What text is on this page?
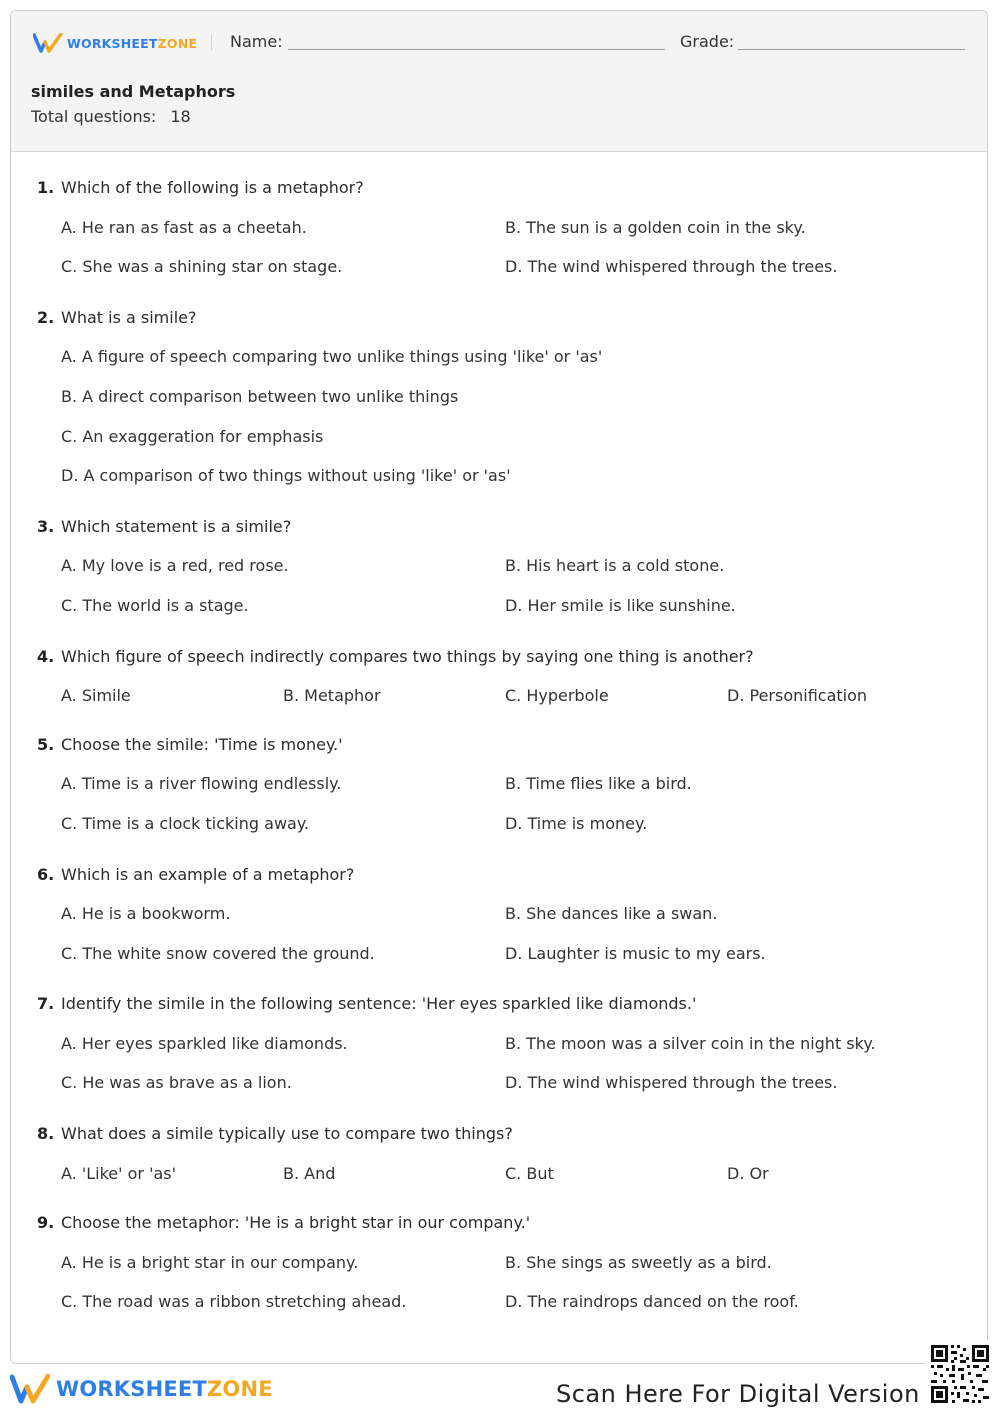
WORKSHEETZONE Name:	Grade:
similes and Metaphors
Total questions: 18
1. Which of the following is a metaphor?
A. He ran as fast as a cheetah.	B. The sun is a golden coin in the sky.
C. She was a shining star on stage.	D. The wind whispered through the trees.
2. What is a simile?
A. A figure of speech comparing two unlike things using 'like' or 'as'
B. A direct comparison between two unlike things
C. An exaggeration for emphasis
D. A comparison of two things without using 'like' or 'as'
3. Which statement is a simile?
A. My love is a red, red rose.	B. His heart is a cold stone.
C. The world is a stage.	D. Her smile is like sunshine.
4. Which figure of speech indirectly compares two things by saying one thing is another?
A. Simile	B. Metaphor	C. Hyperbole	D. Personification
5. Choose the simile: 'Time is money.'
A. Time is a river flowing endlessly.	B. Time flies like a bird.
C. Time is a clock ticking away.	D. Time is money.
6. Which is an example of a metaphor?
A. He is a bookworm.	B. She dances like a swan.
C. The white snow covered the ground.	D. Laughter is music to my ears.
7. Identify the simile in the following sentence: 'Her eyes sparkled like diamonds.'
A. Her eyes sparkled like diamonds.	B. The moon was a silver coin in the night sky.
C. He was as brave as a lion.	D. The wind whispered through the trees.
8. What does a simile typically use to compare two things?
A. 'Like' or 'as'	B. And	C. But	D. Or
9. Choose the metaphor: 'He is a bright star in our company.'
A. He is a bright star in our company.	B. She sings as sweetly as a bird.
C. The road was a ribbon stretching ahead.	D. The raindrops danced on the roof.
WORKSHEETZONE	Scan Here For Digital Version
